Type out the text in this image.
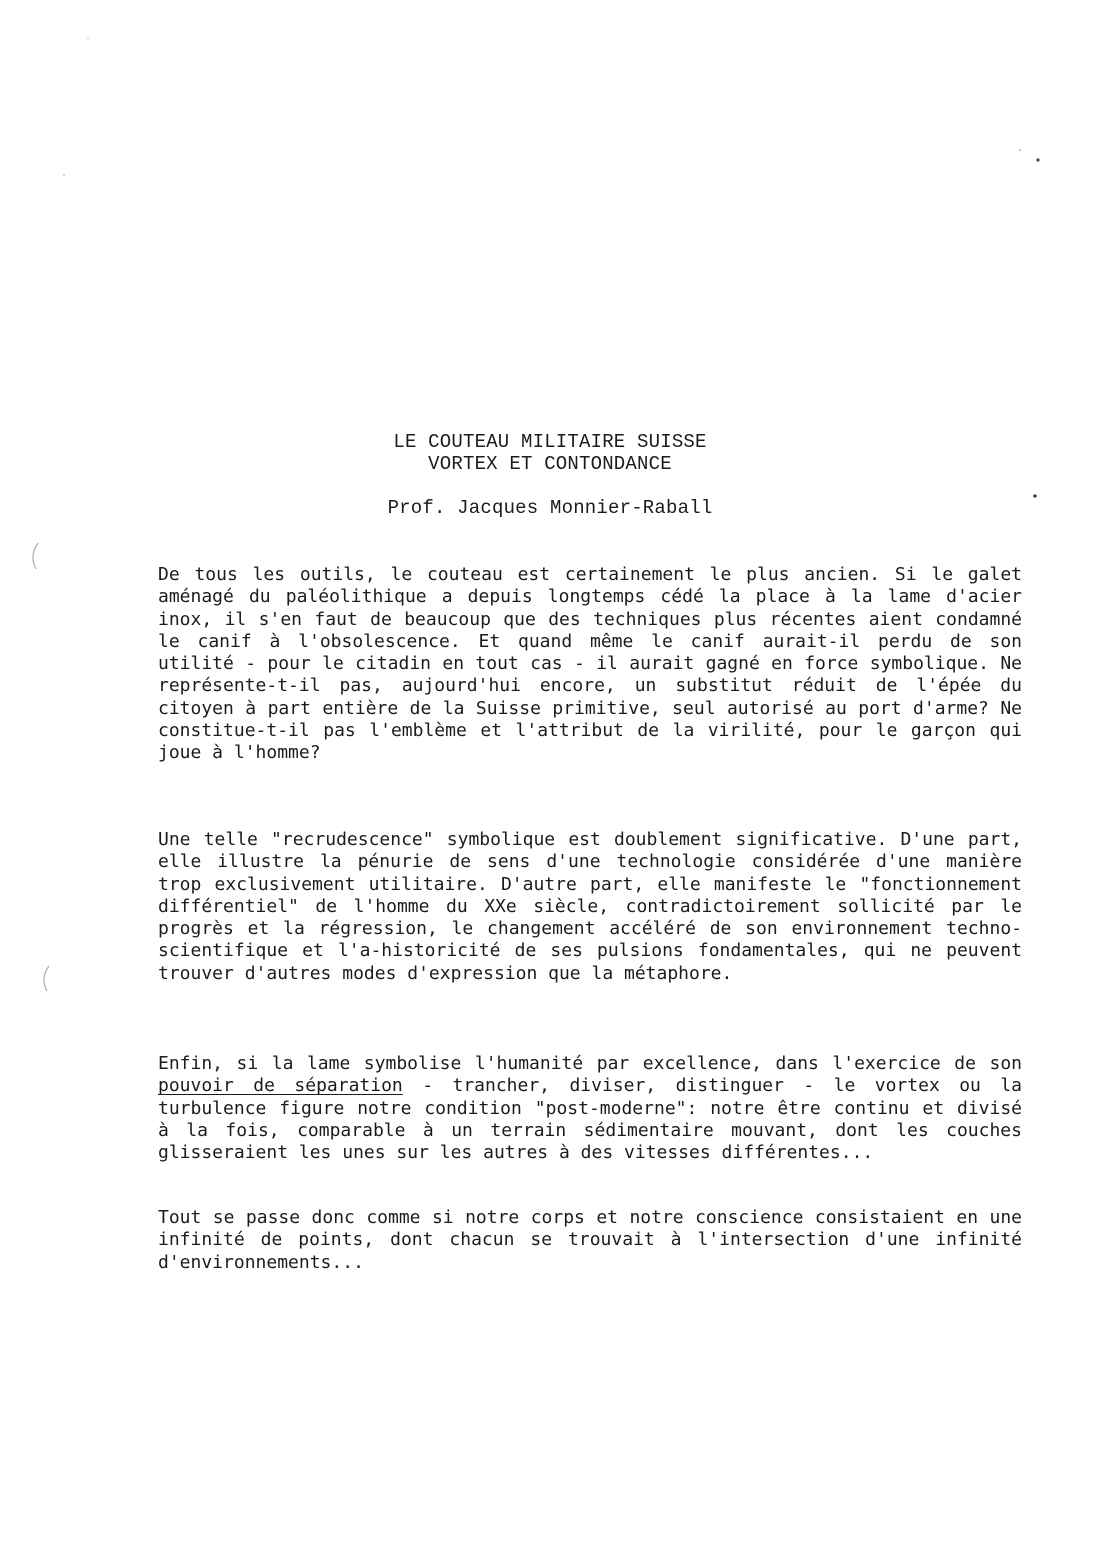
LE COUTEAU MILITAIRE SUISSE
VORTEX ET CONTONDANCE
Prof. Jacques Monnier-Raball

De tous les outils, le couteau est certainement le plus ancien. Si le galet aménagé du paléolithique a depuis longtemps cédé la place à la lame d'acier inox, il s'en faut de beaucoup que des techniques plus récentes aient condamné le canif à l'obsolescence. Et quand même le canif aurait-il perdu de son utilité - pour le citadin en tout cas - il aurait gagné en force symbolique. Ne représente-t-il pas, aujourd'hui encore, un substitut réduit de l'épée du citoyen à part entière de la Suisse primitive, seul autorisé au port d'arme? Ne constitue-t-il pas l'emblème et l'attribut de la virilité, pour le garçon qui joue à l'homme?

Une telle "recrudescence" symbolique est doublement significative. D'une part, elle illustre la pénurie de sens d'une technologie considérée d'une manière trop exclusivement utilitaire. D'autre part, elle manifeste le "fonctionnement différentiel" de l'homme du XXe siècle, contradictoirement sollicité par le progrès et la régression, le changement accéléré de son environnement techno-scientifique et l'a-historicité de ses pulsions fondamentales, qui ne peuvent trouver d'autres modes d'expression que la métaphore.

Enfin, si la lame symbolise l'humanité par excellence, dans l'exercice de son pouvoir de séparation - trancher, diviser, distinguer - le vortex ou la turbulence figure notre condition "post-moderne": notre être continu et divisé à la fois, comparable à un terrain sédimentaire mouvant, dont les couches glisseraient les unes sur les autres à des vitesses différentes...

Tout se passe donc comme si notre corps et notre conscience consistaient en une infinité de points, dont chacun se trouvait à l'intersection d'une infinité d'environnements...
